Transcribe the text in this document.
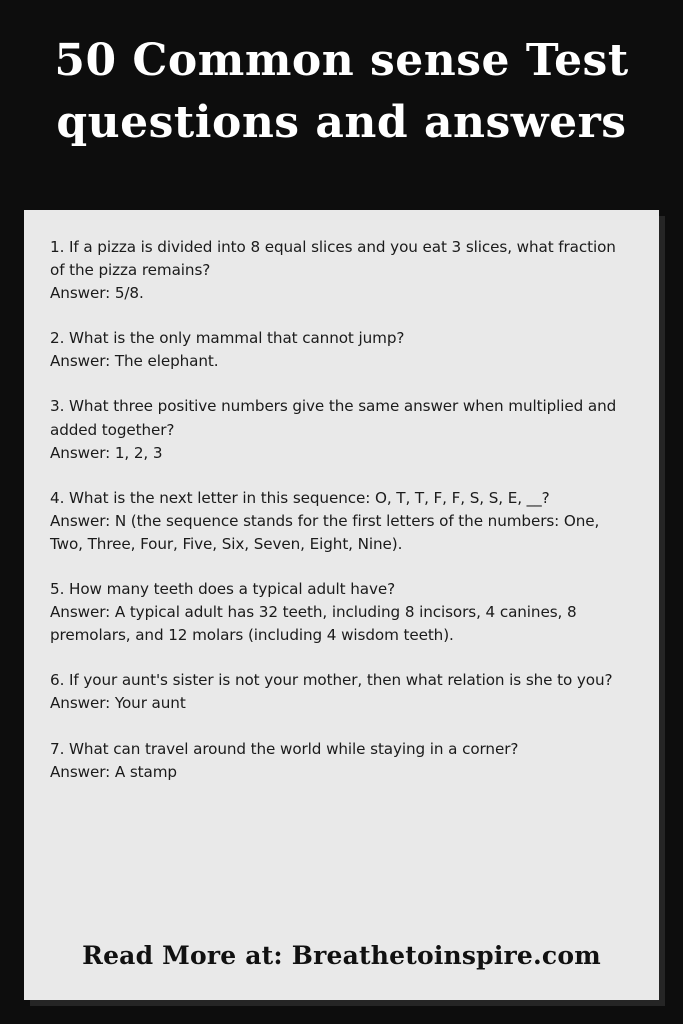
50 Common sense Test
questions and answers
1. If a pizza is divided into 8 equal slices and you eat 3 slices, what fraction of the pizza remains?
Answer: 5/8.
2. What is the only mammal that cannot jump?
Answer: The elephant.
3. What three positive numbers give the same answer when multiplied and added together?
Answer: 1, 2, 3
4. What is the next letter in this sequence: O, T, T, F, F, S, S, E, __?
Answer: N (the sequence stands for the first letters of the numbers: One, Two, Three, Four, Five, Six, Seven, Eight, Nine).
5. How many teeth does a typical adult have?
Answer: A typical adult has 32 teeth, including 8 incisors, 4 canines, 8 premolars, and 12 molars (including 4 wisdom teeth).
6. If your aunt's sister is not your mother, then what relation is she to you?
Answer: Your aunt
7. What can travel around the world while staying in a corner?
Answer: A stamp
Read More at: Breathetoinspire.com
